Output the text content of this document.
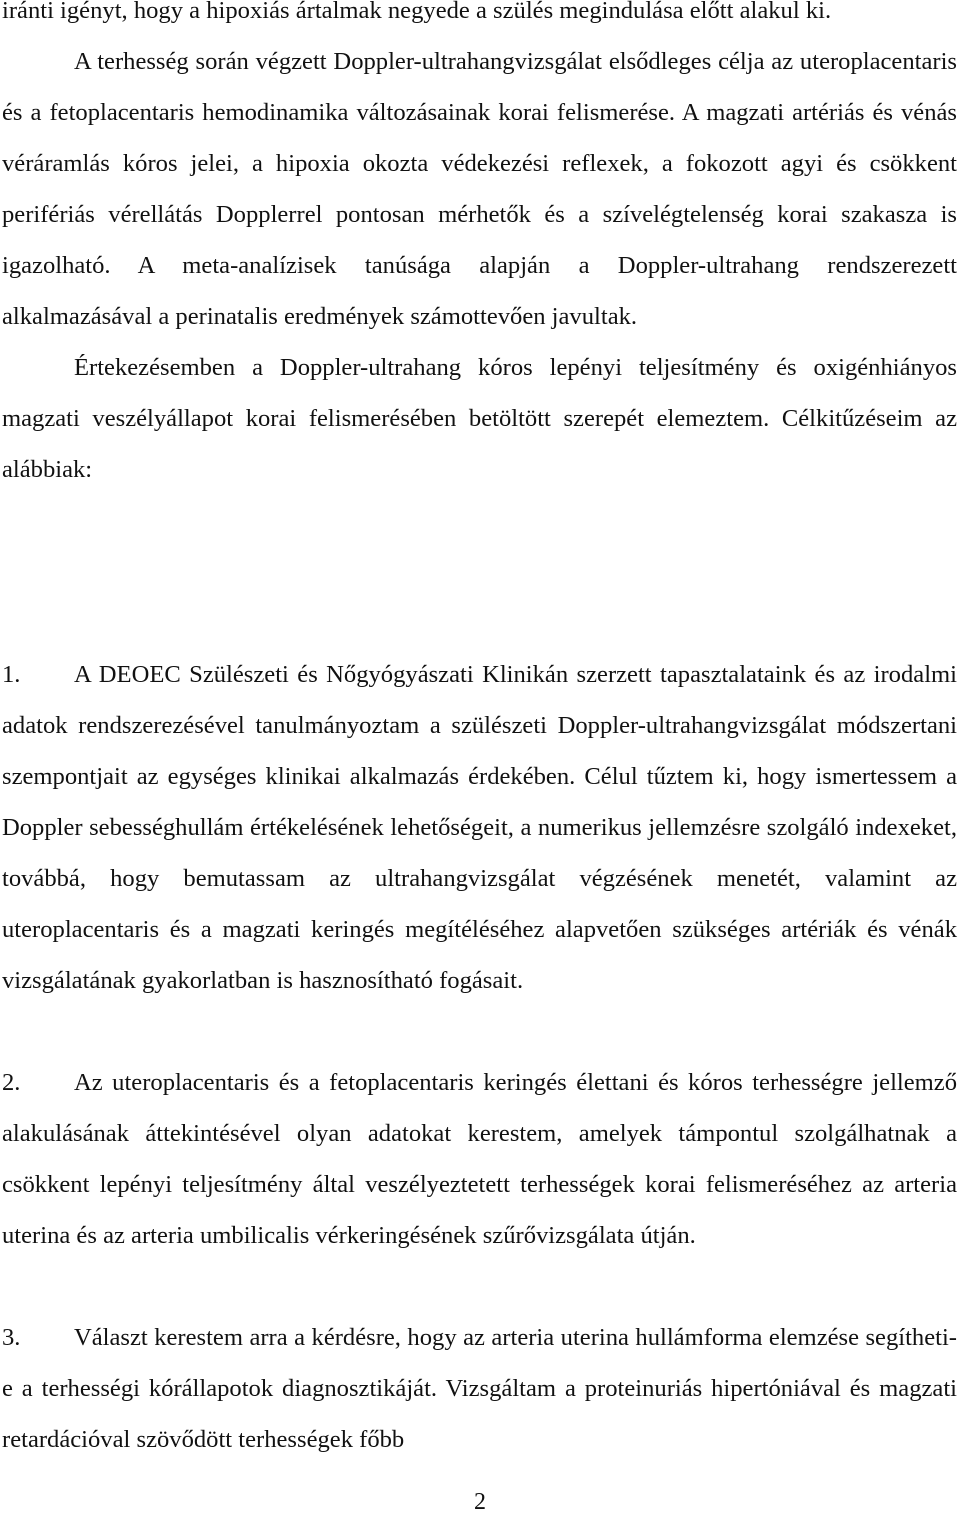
iránti igényt, hogy a hipoxiás ártalmak negyede a szülés megindulása előtt alakul ki.
A terhesség során végzett Doppler-ultrahangvizsgálat elsődleges célja az uteroplacentaris és a fetoplacentaris hemodinamika változásainak korai felismerése. A magzati artériás és vénás véráramlás kóros jelei, a hipoxia okozta védekezési reflexek, a fokozott agyi és csökkent perifériás vérellátás Dopplerrel pontosan mérhetők és a szívelégtelenség korai szakasza is igazolható. A meta-analízisek tanúsága alapján a Doppler-ultrahang rendszerezett alkalmazásával a perinatalis eredmények számottevően javultak.
Értekezésemben a Doppler-ultrahang kóros lepényi teljesítmény és oxigénhiányos magzati veszélyállapot korai felismerésében betöltött szerepét elemeztem. Célkitűzéseim az alábbiak:

1. A DEOEC Szülészeti és Nőgyógyászati Klinikán szerzett tapasztalataink és az irodalmi adatok rendszerezésével tanulmányoztam a szülészeti Doppler-ultrahangvizsgálat módszertani szempontjait az egységes klinikai alkalmazás érdekében. Célul tűztem ki, hogy ismertessem a Doppler sebességhullám értékelésének lehetőségeit, a numerikus jellemzésre szolgáló indexeket, továbbá, hogy bemutassam az ultrahangvizsgálat végzésének menetét, valamint az uteroplacentaris és a magzati keringés megítéléséhez alapvetően szükséges artériák és vénák vizsgálatának gyakorlatban is hasznosítható fogásait.

2. Az uteroplacentaris és a fetoplacentaris keringés élettani és kóros terhességre jellemző alakulásának áttekintésével olyan adatokat kerestem, amelyek támpontul szolgálhatnak a csökkent lepényi teljesítmény által veszélyeztetett terhességek korai felismeréséhez az arteria uterina és az arteria umbilicalis vérkeringésének szűrővizsgálata útján.

3. Választ kerestem arra a kérdésre, hogy az arteria uterina hullámforma elemzése segítheti-e a terhességi kórállapotok diagnosztikáját. Vizsgáltam a proteinuriás hipertóniával és magzati retardációval szövődött terhességek főbb

2
